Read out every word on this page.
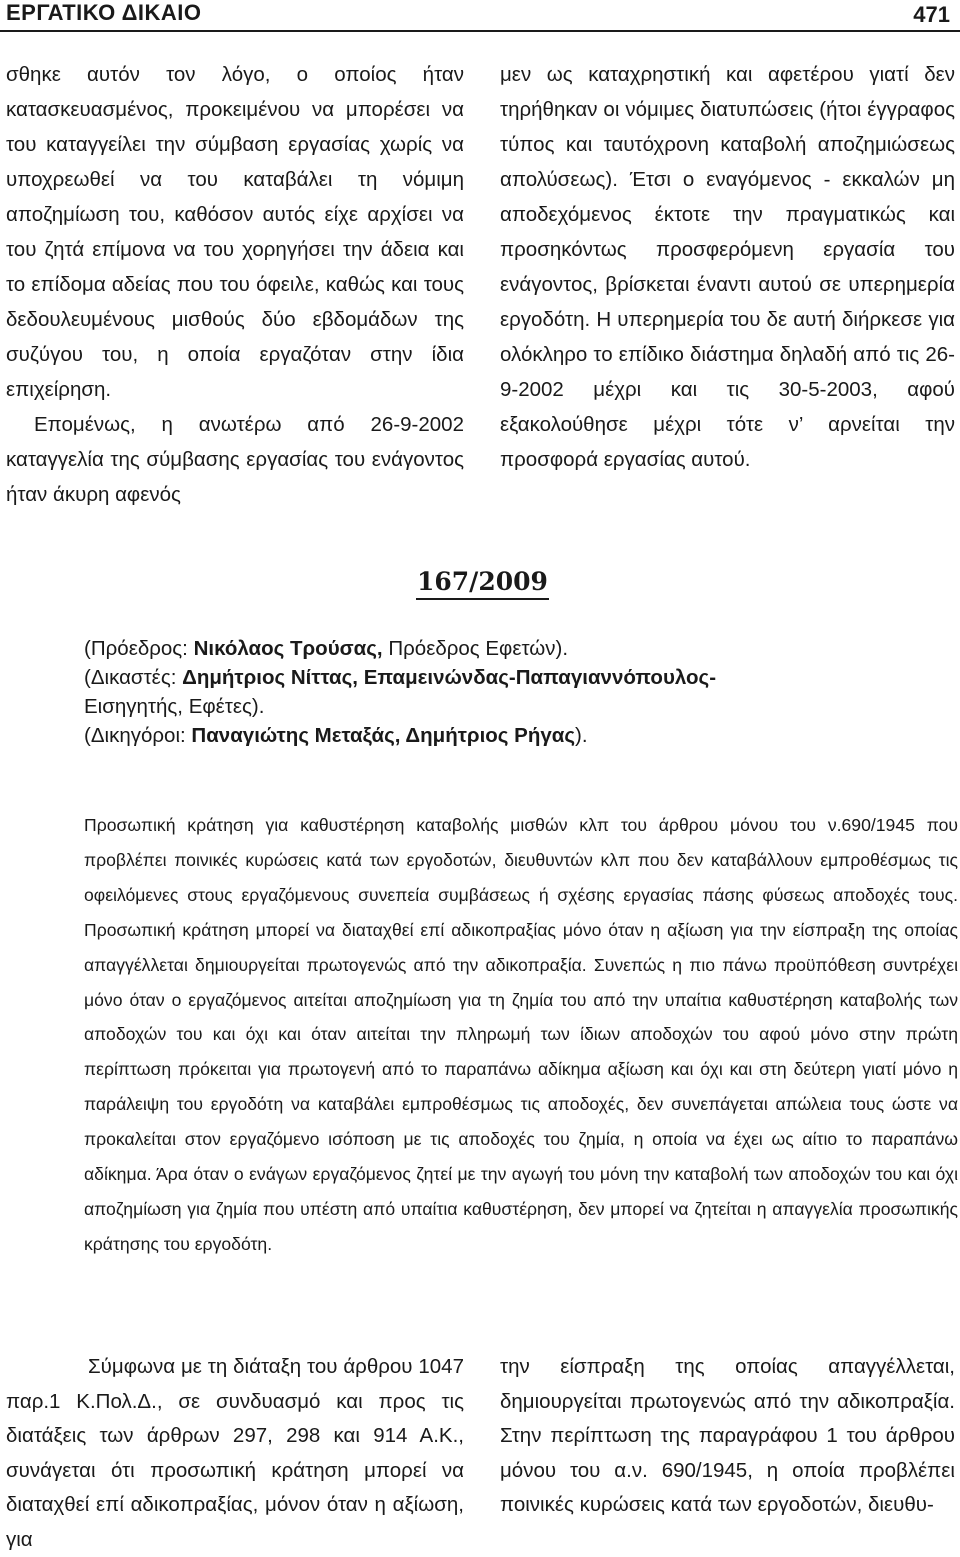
ΕΡΓΑΤΙΚΟ ΔΙΚΑΙΟ	471
σθηκε αυτόν τον λόγο, ο οποίος ήταν κατασκευασμένος, προκειμένου να μπορέσει να του καταγγείλει την σύμβαση εργασίας χωρίς να υποχρεωθεί να του καταβάλει τη νόμιμη αποζημίωση του, καθόσον αυτός είχε αρχίσει να του ζητά επίμονα να του χορηγήσει την άδεια και το επίδομα αδείας που του όφειλε, καθώς και τους δεδουλευμένους μισθούς δύο εβδομάδων της συζύγου του, η οποία εργαζόταν στην ίδια επιχείρηση.
Επομένως, η ανωτέρω από 26-9-2002 καταγγελία της σύμβασης εργασίας του ενάγοντος ήταν άκυρη αφενός
μεν ως καταχρηστική και αφετέρου γιατί δεν τηρήθηκαν οι νόμιμες διατυπώσεις (ήτοι έγγραφος τύπος και ταυτόχρονη καταβολή αποζημιώσεως απολύσεως). Έτσι ο εναγόμενος - εκκαλών μη αποδεχόμενος έκτοτε την πραγματικώς και προσηκόντως προσφερόμενη εργασία του ενάγοντος, βρίσκεται έναντι αυτού σε υπερημερία εργοδότη. Η υπερημερία του δε αυτή διήρκεσε για ολόκληρο το επίδικο διάστημα δηλαδή από τις 26-9-2002 μέχρι και τις 30-5-2003, αφού εξακολούθησε μέχρι τότε ν’ αρνείται την προσφορά εργασίας αυτού.
167/2009

(Πρόεδρος: Νικόλαος Τρούσας, Πρόεδρος Εφετών).

(Δικαστές: Δημήτριος Νίττας, Επαμεινώνδας-Παπαγιαννόπουλος-

Εισηγητής, Εφέτες).

(Δικηγόροι: Παναγιώτης Μεταξάς, Δημήτριος Ρήγας).

Προσωπική κράτηση για καθυστέρηση καταβολής μισθών κλπ του άρθρου μόνου του ν.690/1945 που προβλέπει ποινικές κυρώσεις κατά των εργοδοτών, διευθυντών κλπ που δεν καταβάλλουν εμπροθέσμως τις οφειλόμενες στους εργαζόμενους συνεπεία συμβάσεως ή σχέσης εργασίας πάσης φύσεως αποδοχές τους. Προσωπική κράτηση μπορεί να διαταχθεί επί αδικοπραξίας μόνο όταν η αξίωση για την είσπραξη της οποίας απαγγέλλεται δημιουργείται πρωτογενώς από την αδικοπραξία. Συνεπώς η πιο πάνω προϋπόθεση συντρέχει μόνο όταν ο εργαζόμενος αιτείται αποζημίωση για τη ζημία του από την υπαίτια καθυστέρηση καταβολής των αποδοχών του και όχι και όταν αιτείται την πληρωμή των ίδιων αποδοχών του αφού μόνο στην πρώτη περίπτωση πρόκειται για πρωτογενή από το παραπάνω αδίκημα αξίωση και όχι και στη δεύτερη γιατί μόνο η παράλειψη του εργοδότη να καταβάλει εμπροθέσμως τις αποδοχές, δεν συνεπάγεται απώλεια τους ώστε να προκαλείται στον εργαζόμενο ισόποση με τις αποδοχές του ζημία, η οποία να έχει ως αίτιο το παραπάνω αδίκημα. Άρα όταν ο ενάγων εργαζόμενος ζητεί με την αγωγή του μόνη την καταβολή των αποδοχών του και όχι αποζημίωση για ζημία που υπέστη από υπαίτια καθυστέρηση, δεν μπορεί να ζητείται η απαγγελία προσωπικής κράτησης του εργοδότη.

Σύμφωνα με τη διάταξη του άρθρου 1047 παρ.1 Κ.Πολ.Δ., σε συνδυασμό και προς τις διατάξεις των άρθρων 297, 298 και 914 Α.Κ., συνάγεται ότι προσωπική κράτηση μπορεί να διαταχθεί επί αδικοπραξίας, μόνον όταν η αξίωση, για

την είσπραξη της οποίας απαγγέλλεται, δημιουργείται πρωτογενώς από την αδικοπραξία. Στην περίπτωση της παραγράφου 1 του άρθρου μόνου του α.ν. 690/1945, η οποία προβλέπει ποινικές κυρώσεις κατά των εργοδοτών, διευθυ-
